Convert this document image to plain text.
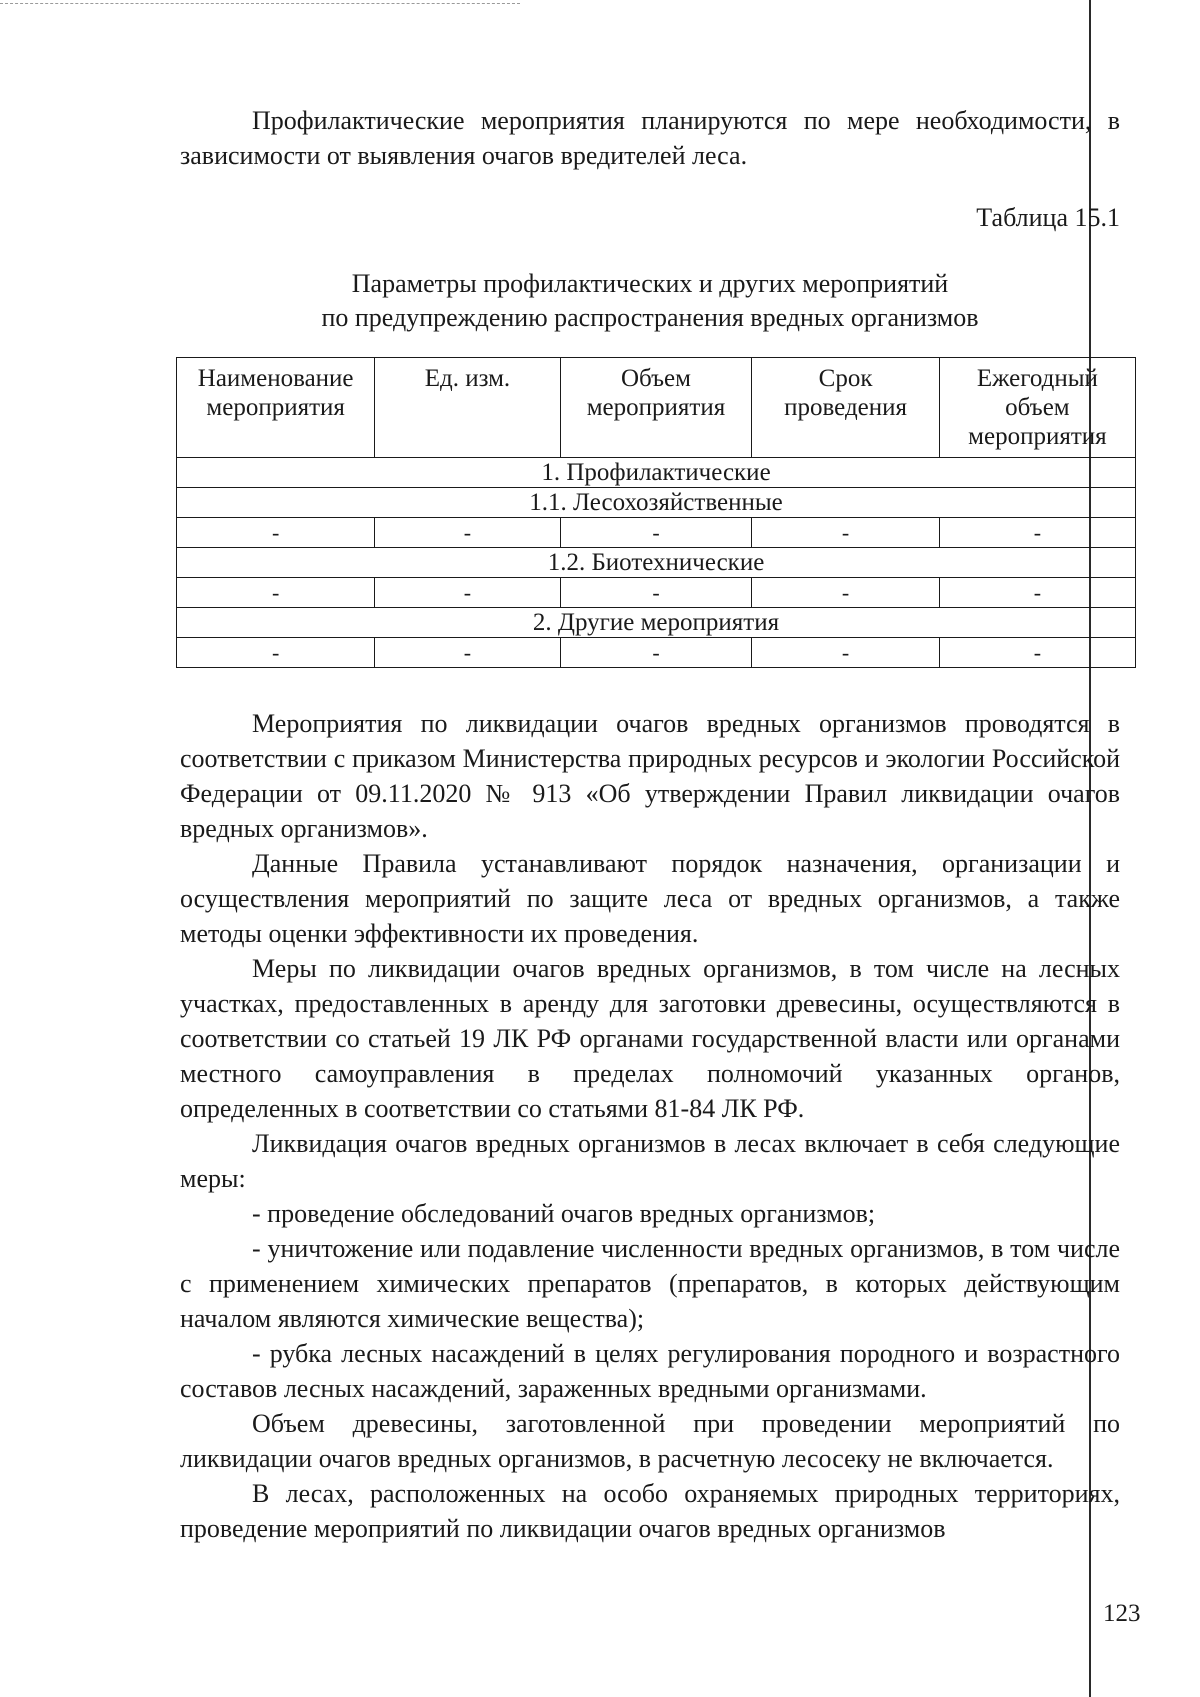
Профилактические мероприятия планируются по мере необходимости, в зависимости от выявления очагов вредителей леса.

Таблица 15.1
Параметры профилактических и других мероприятий
по предупреждению распространения вредных организмов
Наименование мероприятия	Ед. изм.	Объем мероприятия	Срок проведения	Ежегодный объем мероприятия
1. Профилактические				
1.1. Лесохозяйственные				
-	-	-	-	-
1.2. Биотехнические				
-	-	-	-	-
2. Другие мероприятия				
-	-	-	-	-

Мероприятия по ликвидации очагов вредных организмов проводятся в соответствии с приказом Министерства природных ресурсов и экологии Российской Федерации от 09.11.2020 № 913 «Об утверждении Правил ликвидации очагов вредных организмов».

Данные Правила устанавливают порядок назначения, организации и осуществления мероприятий по защите леса от вредных организмов, а также методы оценки эффективности их проведения.

Меры по ликвидации очагов вредных организмов, в том числе на лесных участках, предоставленных в аренду для заготовки древесины, осуществляются в соответствии со статьей 19 ЛК РФ органами государственной власти или органами местного самоуправления в пределах полномочий указанных органов, определенных в соответствии со статьями 81-84 ЛК РФ.

Ликвидация очагов вредных организмов в лесах включает в себя следующие меры:

- проведение обследований очагов вредных организмов;

- уничтожение или подавление численности вредных организмов, в том числе с применением химических препаратов (препаратов, в которых действующим началом являются химические вещества);

- рубка лесных насаждений в целях регулирования породного и возрастного составов лесных насаждений, зараженных вредными организмами.

Объем древесины, заготовленной при проведении мероприятий по ликвидации очагов вредных организмов, в расчетную лесосеку не включается.

В лесах, расположенных на особо охраняемых природных территориях, проведение мероприятий по ликвидации очагов вредных организмов

123
